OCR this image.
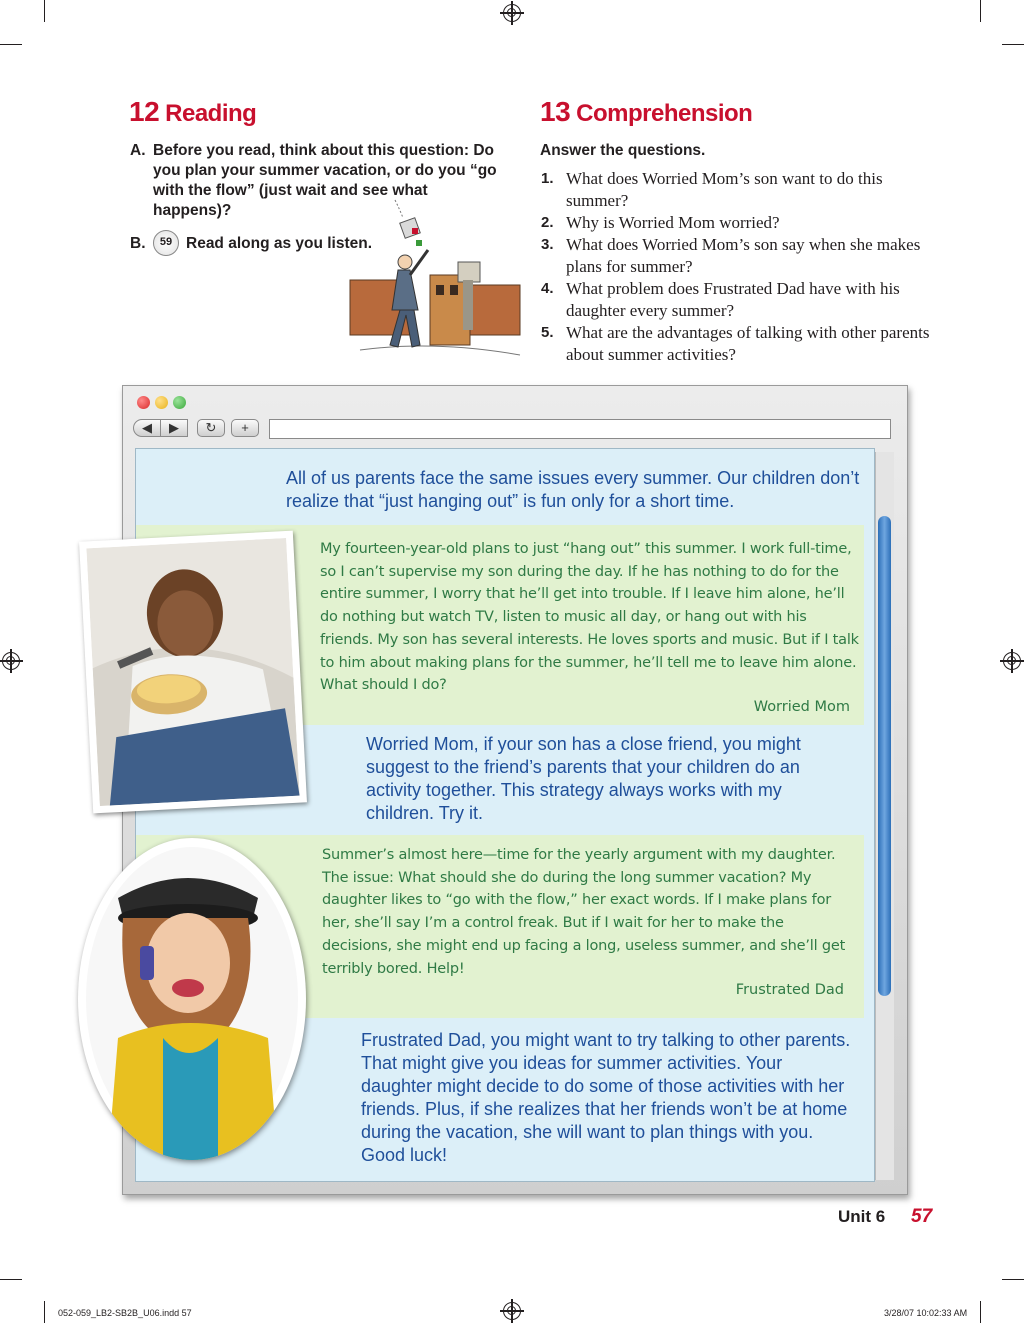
12 Reading
A. Before you read, think about this question: Do you plan your summer vacation, or do you “go with the flow” (just wait and see what happens)?
B.	59 Read along as you listen.
13 Comprehension
Answer the questions.
1. What does Worried Mom’s son want to do this summer?
2. Why is Worried Mom worried?
3. What does Worried Mom’s son say when she makes plans for summer?
4. What problem does Frustrated Dad have with his daughter every summer?
5. What are the advantages of talking with other parents about summer activities?
◀	▶	↻	+
All of us parents face the same issues every summer. Our children don’t realize that “just hanging out” is fun only for a short time.
My fourteen-year-old plans to just “hang out” this summer. I work full-time, so I can’t supervise my son during the day. If he has nothing to do for the entire summer, I worry that he’ll get into trouble. If I leave him alone, he’ll do nothing but watch TV, listen to music all day, or hang out with his friends. My son has several interests. He loves sports and music. But if I talk to him about making plans for the summer, he’ll tell me to leave him alone. What should I do?
Worried Mom
Worried Mom, if your son has a close friend, you might suggest to the friend’s parents that your children do an activity together. This strategy always works with my children. Try it.
Summer’s almost here—time for the yearly argument with my daughter. The issue: What should she do during the long summer vacation? My daughter likes to “go with the flow,” her exact words. If I make plans for her, she’ll say I’m a control freak. But if I wait for her to make the decisions, she might end up facing a long, useless summer, and she’ll get terribly bored. Help!
Frustrated Dad
Frustrated Dad, you might want to try talking to other parents. That might give you ideas for summer activities. Your daughter might decide to do some of those activities with her friends. Plus, if she realizes that her friends won’t be at home during the vacation, she will want to plan things with you. Good luck!
Unit 6 57
052-059_LB2-SB2B_U06.indd 57	3/28/07 10:02:33 AM
